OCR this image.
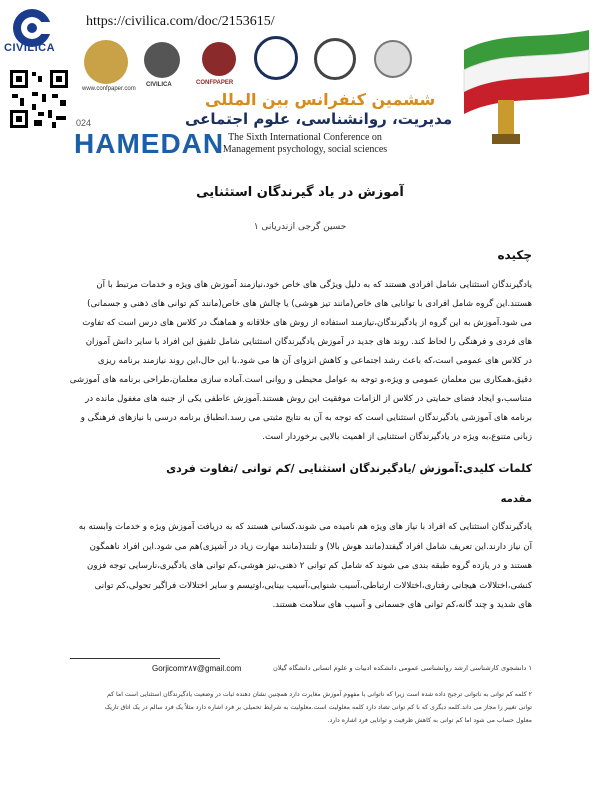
CIVILICA
https://civilica.com/doc/2153615/
www.confpaper.com
CIVILICA	CONFPAPER
ششمین کنفرانس بین المللی
مدیریت، روانشناسی، علوم اجتماعی
The Sixth International Conference on Management psychology, social sciences
024
HAMEDAN
آموزش در یاد گیرندگان استثنایی
حسین گرجی ازندریانی ۱
چکیده
یادگیرندگان استثنایی شامل افرادی هستند که به دلیل ویژگی های خاص خود،نیازمند آموزش های ویژه و خدمات مرتبط با آن
هستند.این گروه شامل افرادی با توانایی های خاص(مانند تیز هوشی) یا چالش های خاص(مانند کم توانی های ذهنی و جسمانی)
می شود.آموزش به این گروه از یادگیرندگان،نیازمند استفاده از روش های خلاقانه و هماهنگ در کلاس های درس است که تفاوت
های فردی و فرهنگی را لحاظ کند. روند های جدید در آموزش یادگیرندگان استثنایی شامل تلفیق این افراد با سایر دانش آموزان
در کلاس های عمومی است،که باعث رشد اجتماعی و کاهش انزوای آن ها می شود.با این حال،این روند نیازمند برنامه ریزی
دقیق،همکاری بین معلمان عمومی و ویژه،و توجه به عوامل محیطی و روانی است.آماده سازی معلمان،طراحی برنامه های آموزشی
متناسب،و ایجاد فضای حمایتی در کلاس از الزامات موفقیت این روش هستند.آموزش عاطفی یکی از جنبه های مغفول مانده در
برنامه های آموزشی یادگیرندگان استثنایی است که توجه به آن به نتایج مثبتی می رسد.انطباق برنامه درسی با نیازهای فرهنگی و
زبانی متنوع،به ویژه در یادگیرندگان استثنایی از اهمیت بالایی برخوردار است.
کلمات کلیدی:آموزش /یادگیرندگان استثنایی /کم توانی /تفاوت فردی
مقدمه
یادگیرندگان استثنایی که افراد با نیاز های ویژه هم نامیده می شوند،کسانی هستند که به دریافت آموزش ویژه و خدمات وابسته به
آن نیاز دارند.این تعریف شامل افراد گیفتد(مانند هوش بالا) و تلنتد(مانند مهارت زیاد در آشپزی)هم می شود.این افراد ناهمگون
هستند و در یازده گروه طبقه بندی می شوند که شامل کم توانی ۲ ذهنی،تیز هوشی،کم توانی های یادگیری،نارسایی توجه فزون
کنشی،اختلالات هیجانی رفتاری،اختلالات ارتباطی،آسیب شنوایی،آسیب بینایی،اوتیسم و سایر اختلالات فراگیر تحولی،کم توانی
های شدید و چند گانه،کم توانی های جسمانی و آسیب های سلامت هستند.
۱ دانشجوی کارشناسی ارشد روانشناسی عمومی دانشکده ادبیات و علوم انسانی دانشگاه گیلان
Gorjicom۲۸۷@gmail.com
۲ کلمه کم توانی به ناتوانی ترجیح داده شده است زیرا که ناتوانی با مفهوم آموزش مغایرت دارد همچنین نشان دهنده ثبات در وضعیت یادگیرندگان استثنایی است اما کم
توانی تغییر را مجاز می داند.کلمه دیگری که با کم توانی تضاد دارد کلمه معلولیت است.معلولیت به شرایط تحمیلی بر فرد اشاره دارد مثلاً یک فرد سالم در یک اتاق تاریک
معلول حساب می شود اما کم توانی به کاهش ظرفیت و توانایی فرد اشاره دارد.
